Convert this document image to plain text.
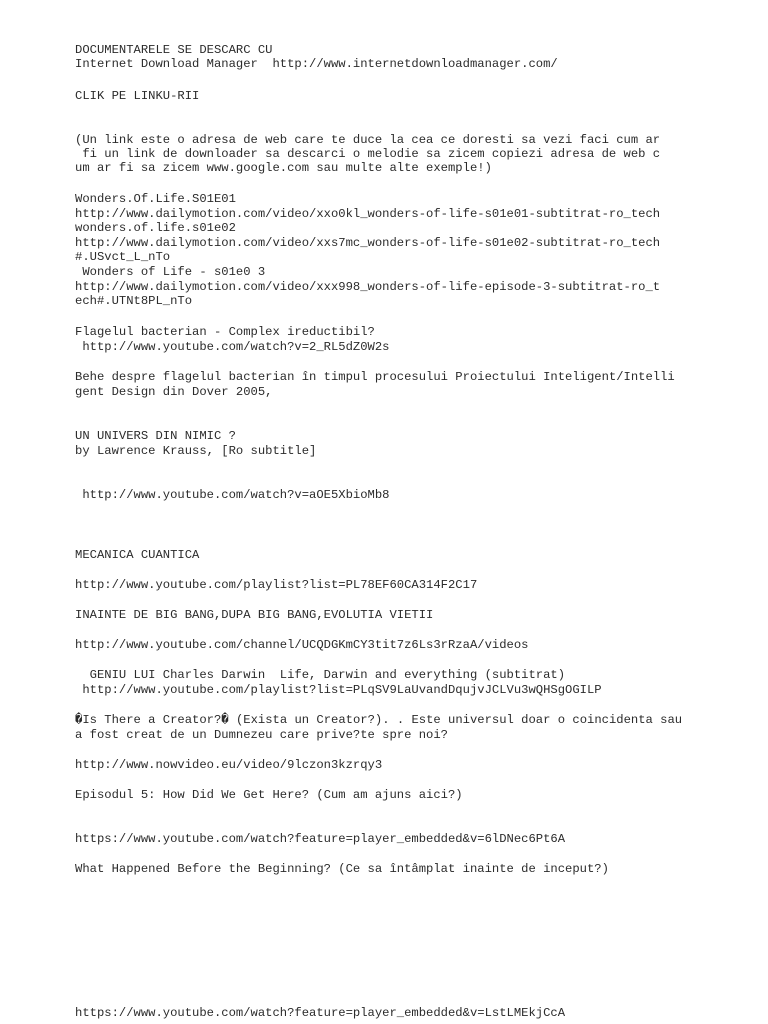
DOCUMENTARELE SE DESCARC CU
Internet Download Manager  http://www.internetdownloadmanager.com/
CLIK PE LINKU-RII
(Un link este o adresa de web care te duce la cea ce doresti sa vezi faci cum ar
fi un link de downloader sa descarci o melodie sa zicem copiezi adresa de web c
um ar fi sa zicem www.google.com sau multe alte exemple!)
Wonders.Of.Life.S01E01
http://www.dailymotion.com/video/xxo0kl_wonders-of-life-s01e01-subtitrat-ro_tech
wonders.of.life.s01e02
http://www.dailymotion.com/video/xxs7mc_wonders-of-life-s01e02-subtitrat-ro_tech
#.USvct_L_nTo
Wonders of Life - s01e0 3
http://www.dailymotion.com/video/xxx998_wonders-of-life-episode-3-subtitrat-ro_t
ech#.UTNt8PL_nTo
Flagelul bacterian - Complex ireductibil?
http://www.youtube.com/watch?v=2_RL5dZ0W2s
Behe despre flagelul bacterian în timpul procesului Proiectului Inteligent/Intelli
gent Design din Dover 2005,
UN UNIVERS DIN NIMIC ?
by Lawrence Krauss, [Ro subtitle]
http://www.youtube.com/watch?v=aOE5XbioMb8
MECANICA CUANTICA
http://www.youtube.com/playlist?list=PL78EF60CA314F2C17
INAINTE DE BIG BANG,DUPA BIG BANG,EVOLUTIA VIETII
http://www.youtube.com/channel/UCQDGKmCY3tit7z6Ls3rRzaA/videos
GENIU LUI Charles Darwin  Life, Darwin and everything (subtitrat)
http://www.youtube.com/playlist?list=PLqSV9LaUvandDqujvJCLVu3wQHSgOGILP
�Is There a Creator?� (Exista un Creator?). . Este universul doar o coincidenta sau
a fost creat de un Dumnezeu care prive?te spre noi?
http://www.nowvideo.eu/video/9lczon3kzrqy3
Episodul 5: How Did We Get Here? (Cum am ajuns aici?)
https://www.youtube.com/watch?feature=player_embedded&v=6lDNec6Pt6A
What Happened Before the Beginning? (Ce sa întâmplat inainte de inceput?)
https://www.youtube.com/watch?feature=player_embedded&v=LstLMEkjCcA
